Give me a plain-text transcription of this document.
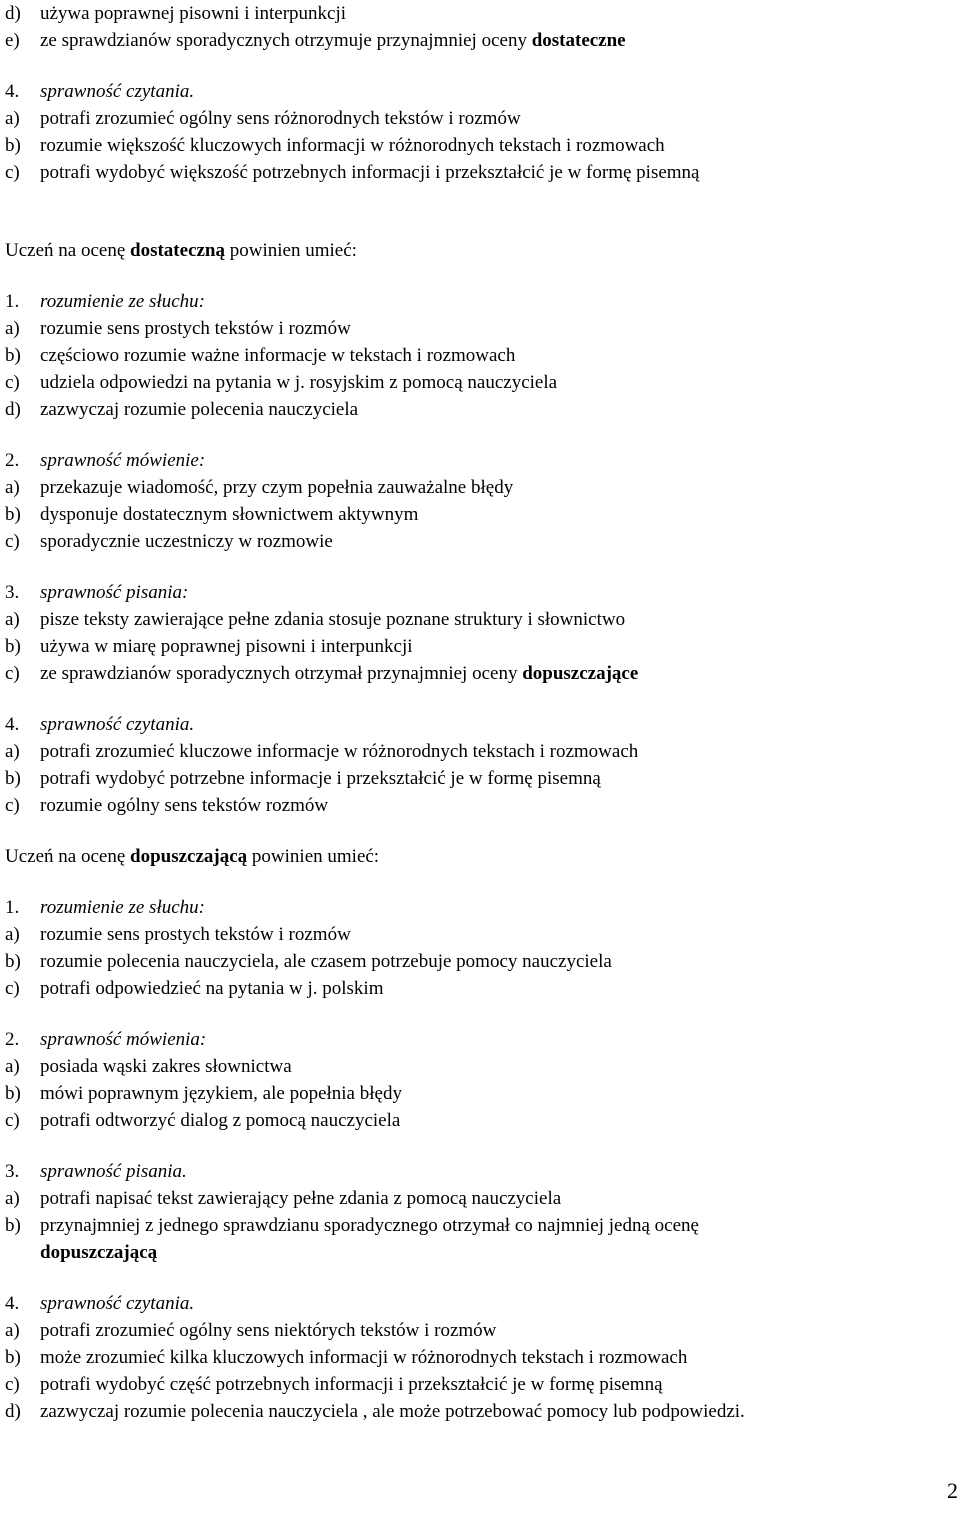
d)	używa poprawnej pisowni i interpunkcji
e)	ze sprawdzianów sporadycznych otrzymuje przynajmniej oceny dostateczne
4.	sprawność czytania.
a)	potrafi zrozumieć ogólny sens różnorodnych tekstów i rozmów
b)	rozumie większość kluczowych informacji w różnorodnych tekstach i rozmowach
c)	potrafi wydobyć większość potrzebnych informacji i przekształcić je w formę pisemną
Uczeń na ocenę dostateczną powinien umieć:
1.	rozumienie ze słuchu:
a)	rozumie sens prostych tekstów i rozmów
b)	częściowo rozumie ważne informacje w tekstach i rozmowach
c)	udziela odpowiedzi na pytania w j. rosyjskim z pomocą nauczyciela
d)	zazwyczaj rozumie polecenia nauczyciela
2.	sprawność mówienie:
a)	przekazuje wiadomość, przy czym popełnia zauważalne błędy
b)	dysponuje dostatecznym słownictwem aktywnym
c)	sporadycznie uczestniczy w rozmowie
3.	sprawność pisania:
a)	pisze teksty zawierające pełne zdania stosuje poznane struktury i słownictwo
b)	używa w miarę poprawnej pisowni i interpunkcji
c)	ze sprawdzianów sporadycznych otrzymał przynajmniej oceny dopuszczające
4.	sprawność czytania.
a)	potrafi zrozumieć kluczowe informacje w różnorodnych tekstach i rozmowach
b)	potrafi wydobyć potrzebne informacje i przekształcić je w formę pisemną
c)	rozumie ogólny sens tekstów rozmów
Uczeń na ocenę dopuszczającą powinien umieć:
1.	rozumienie ze słuchu:
a)	rozumie sens prostych tekstów i rozmów
b)	rozumie polecenia nauczyciela, ale czasem potrzebuje pomocy nauczyciela
c)	potrafi odpowiedzieć na pytania w j. polskim
2.	sprawność mówienia:
a)	posiada wąski zakres słownictwa
b)	mówi poprawnym językiem, ale popełnia błędy
c)	potrafi odtworzyć dialog z pomocą nauczyciela
3.	sprawność pisania.
a)	potrafi napisać tekst zawierający pełne zdania z pomocą nauczyciela
b)	przynajmniej z jednego sprawdzianu sporadycznego otrzymał co najmniej jedną ocenę
dopuszczającą
4.	sprawność czytania.
a)	potrafi zrozumieć ogólny sens niektórych tekstów i rozmów
b)	może zrozumieć kilka kluczowych informacji w różnorodnych tekstach i rozmowach
c)	potrafi wydobyć część potrzebnych informacji i przekształcić je w formę pisemną
d)	zazwyczaj rozumie polecenia nauczyciela , ale może potrzebować pomocy lub podpowiedzi.
2
